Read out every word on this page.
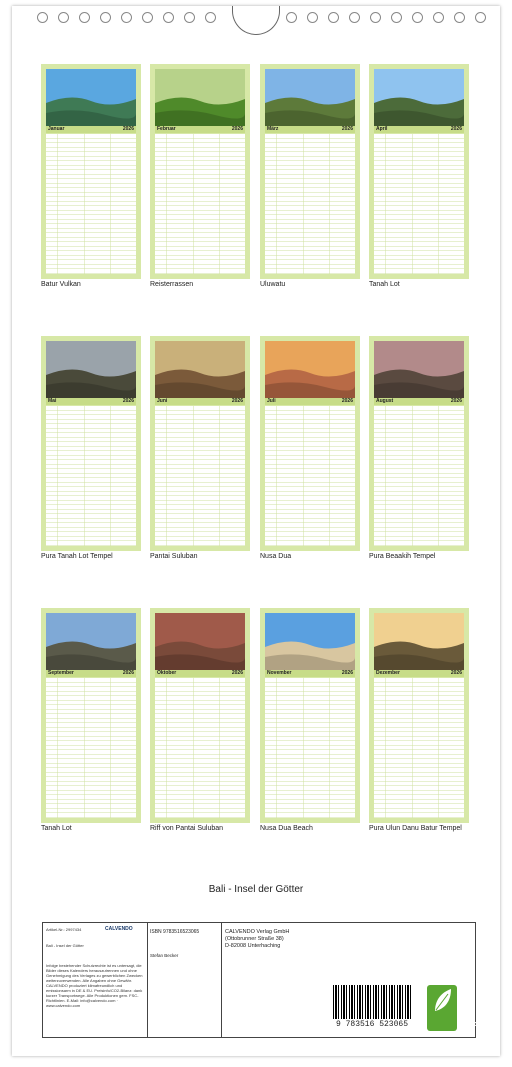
Januar	2026
Batur Vulkan
Februar	2026
Reisterrassen
März	2026
Uluwatu
April	2026
Tanah Lot
Mai	2026
Pura Tanah Lot Tempel
Juni	2026
Pantai Suluban
Juli	2026
Nusa Dua
August	2026
Pura Beaakih Tempel
September	2026
Tanah Lot
Oktober	2026
Riff von Pantai Suluban
November	2026
Nusa Dua Beach
Dezember	2026
Pura Ulun Danu Batur Tempel
Bali - Insel der Götter
Artikel-Nr.: 2997434	CALVENDO
Bali - Insel der Götter
Infolge bestehender Schutzrechte ist es untersagt, die Bilder dieses Kalenders herauszutrennen und ohne Genehmigung des Verlages zu gewerblichen Zwecken weiterzuverwenden. Alle Angaben ohne Gewähr. CALVENDO produziert klimafreundlich und emissionsarm in DE & EU. Preisinfo/CO2-Bilanz: dank kurzer Transportwege. Alle Produktionen gem. FSC-Richtlinien. E-Mail: info@calvendo.com · www.calvendo.com
ISBN 9783516523065
Stefan Becker
CALVENDO Verlag GmbH
(Ottobrunner Straße 38)
D-82008 Unterhaching
9 783516 523065	eco
